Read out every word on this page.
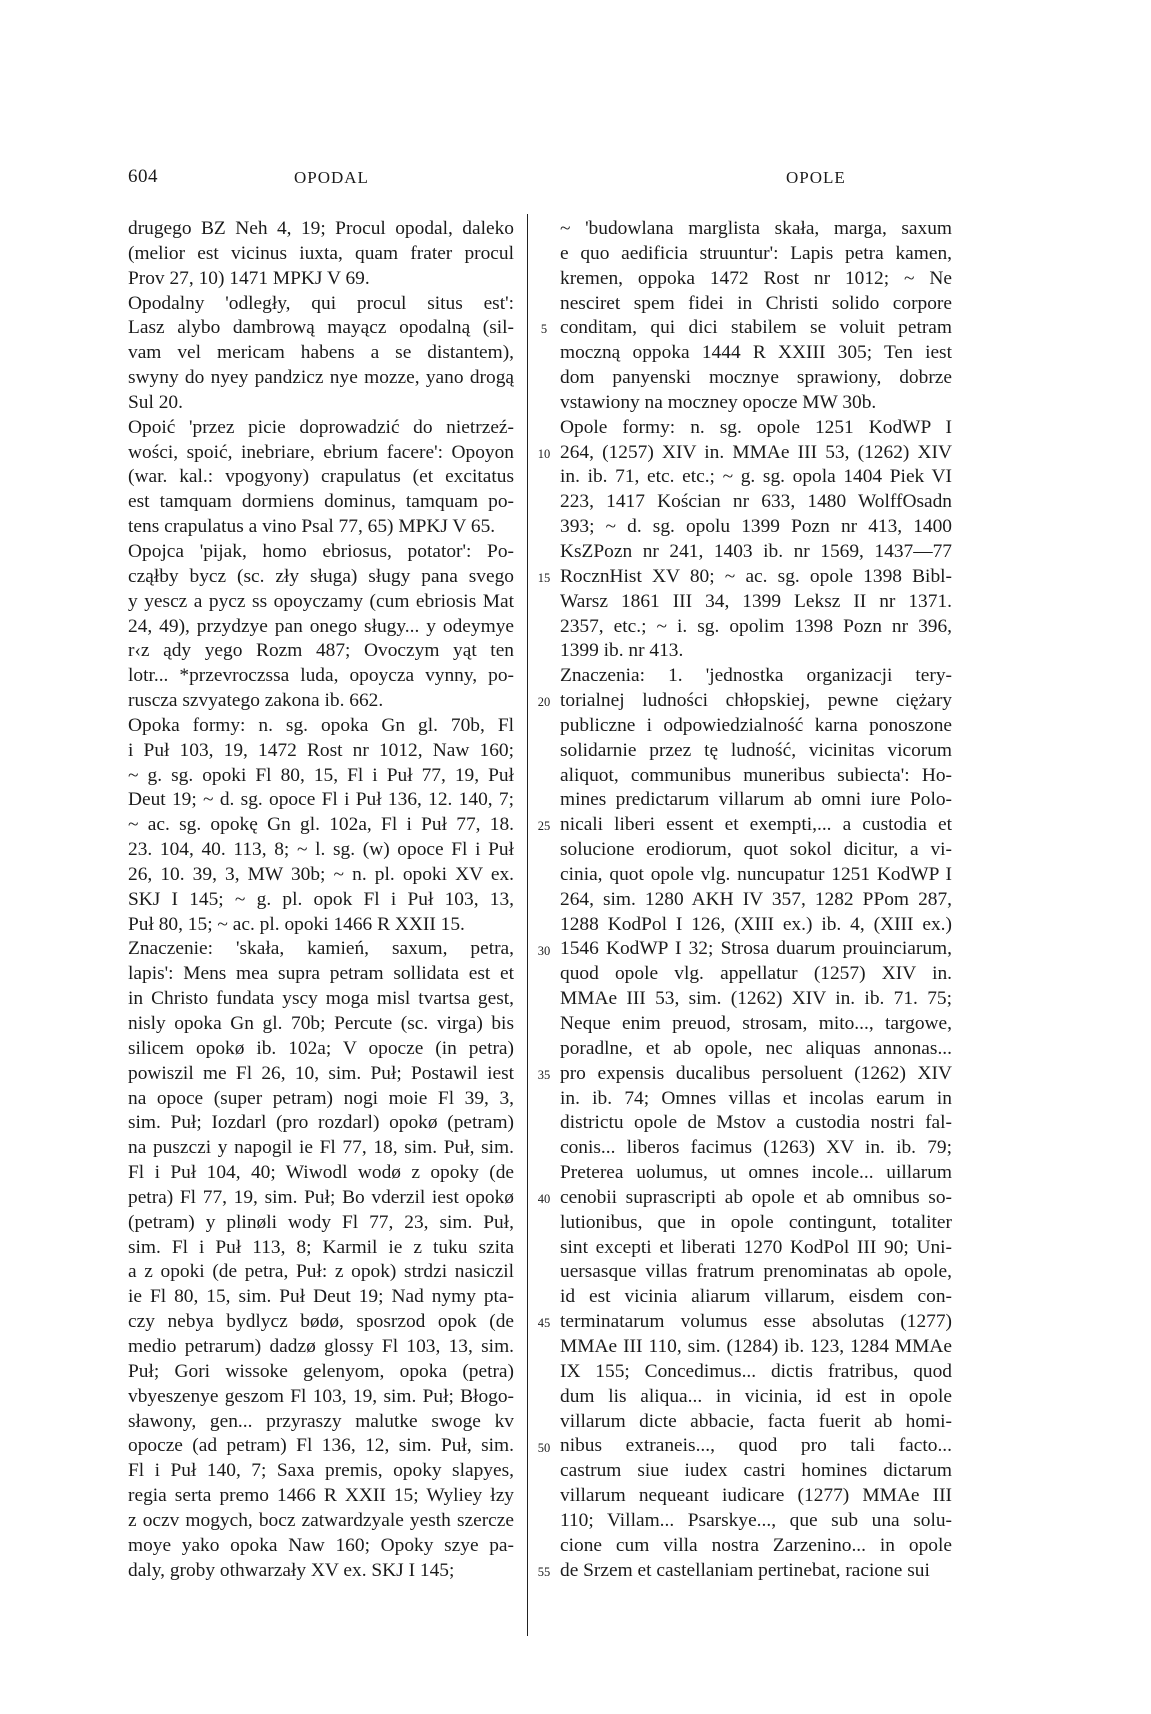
604	OPODAL	OPOLE
drugego BZ Neh 4, 19; Procul opodal, daleko
(melior est vicinus iuxta, quam frater procul
Prov 27, 10) 1471 MPKJ V 69.
Opodalny 'odległy, qui procul situs est':
Lasz alybo dambrową mayącz opodalną (sil-
vam vel mericam habens a se distantem),
swyny do nyey pandzicz nye mozze, yano drogą
Sul 20.
Opoić 'przez picie doprowadzić do nietrzeź-
wości, spoić, inebriare, ebrium facere': Opoyon
(war. kal.: vpogyony) crapulatus (et excitatus
est tamquam dormiens dominus, tamquam po-
tens crapulatus a vino Psal 77, 65) MPKJ V 65.
Opojca 'pijak, homo ebriosus, potator': Po-
cząłby bycz (sc. zły sługa) sługy pana svego
y yescz a pycz ss opoyczamy (cum ebriosis Mat
24, 49), przydzye pan onego sługy... y odeymye
r‹z ądy yego Rozm 487; Ovoczym yąt ten
lotr... *przevroczssa luda, opoycza vynny, po-
ruscza szvyatego zakona ib. 662.
Opoka formy: n. sg. opoka Gn gl. 70b, Fl
i Puł 103, 19, 1472 Rost nr 1012, Naw 160;
~ g. sg. opoki Fl 80, 15, Fl i Puł 77, 19, Puł
Deut 19; ~ d. sg. opoce Fl i Puł 136, 12. 140, 7;
~ ac. sg. opokę Gn gl. 102a, Fl i Puł 77, 18.
23. 104, 40. 113, 8; ~ l. sg. (w) opoce Fl i Puł
26, 10. 39, 3, MW 30b; ~ n. pl. opoki XV ex.
SKJ I 145; ~ g. pl. opok Fl i Puł 103, 13,
Puł 80, 15; ~ ac. pl. opoki 1466 R XXII 15.
Znaczenie: 'skała, kamień, saxum, petra,
lapis': Mens mea supra petram sollidata est et
in Christo fundata yscy moga misl tvartsa gest,
nisly opoka Gn gl. 70b; Percute (sc. virga) bis
silicem opokø ib. 102a; V opocze (in petra)
powiszil me Fl 26, 10, sim. Puł; Postawil iest
na opoce (super petram) nogi moie Fl 39, 3,
sim. Puł; Iozdarl (pro rozdarl) opokø (petram)
na puszczi y napogil ie Fl 77, 18, sim. Puł, sim.
Fl i Puł 104, 40; Wiwodl wodø z opoky (de
petra) Fl 77, 19, sim. Puł; Bo vderzil iest opokø
(petram) y plinøli wody Fl 77, 23, sim. Puł,
sim. Fl i Puł 113, 8; Karmil ie z tuku szita
a z opoki (de petra, Puł: z opok) strdzi nasiczil
ie Fl 80, 15, sim. Puł Deut 19; Nad nymy pta-
czy nebya bydlycz bødø, sposrzod opok (de
medio petrarum) dadzø glossy Fl 103, 13, sim.
Puł; Gori wissoke gelenyom, opoka (petra)
vbyeszenye geszom Fl 103, 19, sim. Puł; Błogo-
sławony, gen... przyraszy malutke swoge kv
opocze (ad petram) Fl 136, 12, sim. Puł, sim.
Fl i Puł 140, 7; Saxa premis, opoky slapyes,
regia serta premo 1466 R XXII 15; Wyliey łzy
z oczv mogych, bocz zatwardzyale yesth szercze
moye yako opoka Naw 160; Opoky szye pa-
daly, groby othwarzały XV ex. SKJ I 145;
5
10
15
20
25
30
35
40
45
50
55
~ 'budowlana marglista skała, marga, saxum
e quo aedificia struuntur': Lapis petra kamen,
kremen, oppoka 1472 Rost nr 1012; ~ Ne
nesciret spem fidei in Christi solido corpore
conditam, qui dici stabilem se voluit petram
moczną oppoka 1444 R XXIII 305; Ten iest
dom panyenski mocznye sprawiony, dobrze
vstawiony na moczney opocze MW 30b.
Opole formy: n. sg. opole 1251 KodWP I
264, (1257) XIV in. MMAe III 53, (1262) XIV
in. ib. 71, etc. etc.; ~ g. sg. opola 1404 Piek VI
223, 1417 Kościan nr 633, 1480 WolffOsadn
393; ~ d. sg. opolu 1399 Pozn nr 413, 1400
KsZPozn nr 241, 1403 ib. nr 1569, 1437—77
RocznHist XV 80; ~ ac. sg. opole 1398 Bibl-
Warsz 1861 III 34, 1399 Leksz II nr 1371.
2357, etc.; ~ i. sg. opolim 1398 Pozn nr 396,
1399 ib. nr 413.
Znaczenia: 1. 'jednostka organizacji tery-
torialnej ludności chłopskiej, pewne ciężary
publiczne i odpowiedzialność karna ponoszone
solidarnie przez tę ludność, vicinitas vicorum
aliquot, communibus muneribus subiecta': Ho-
mines predictarum villarum ab omni iure Polo-
nicali liberi essent et exempti,... a custodia et
solucione erodiorum, quot sokol dicitur, a vi-
cinia, quot opole vlg. nuncupatur 1251 KodWP I
264, sim. 1280 AKH IV 357, 1282 PPom 287,
1288 KodPol I 126, (XIII ex.) ib. 4, (XIII ex.)
1546 KodWP I 32; Strosa duarum prouinciarum,
quod opole vlg. appellatur (1257) XIV in.
MMAe III 53, sim. (1262) XIV in. ib. 71. 75;
Neque enim preuod, strosam, mito..., targowe,
poradlne, et ab opole, nec aliquas annonas...
pro expensis ducalibus persoluent (1262) XIV
in. ib. 74; Omnes villas et incolas earum in
districtu opole de Mstov a custodia nostri fal-
conis... liberos facimus (1263) XV in. ib. 79;
Preterea uolumus, ut omnes incole... uillarum
cenobii suprascripti ab opole et ab omnibus so-
lutionibus, que in opole contingunt, totaliter
sint excepti et liberati 1270 KodPol III 90; Uni-
uersasque villas fratrum prenominatas ab opole,
id est vicinia aliarum villarum, eisdem con-
terminatarum volumus esse absolutas (1277)
MMAe III 110, sim. (1284) ib. 123, 1284 MMAe
IX 155; Concedimus... dictis fratribus, quod
dum lis aliqua... in vicinia, id est in opole
villarum dicte abbacie, facta fuerit ab homi-
nibus extraneis..., quod pro tali facto...
castrum siue iudex castri homines dictarum
villarum nequeant iudicare (1277) MMAe III
110; Villam... Psarskye..., que sub una solu-
cione cum villa nostra Zarzenino... in opole
de Srzem et castellaniam pertinebat, racione sui
